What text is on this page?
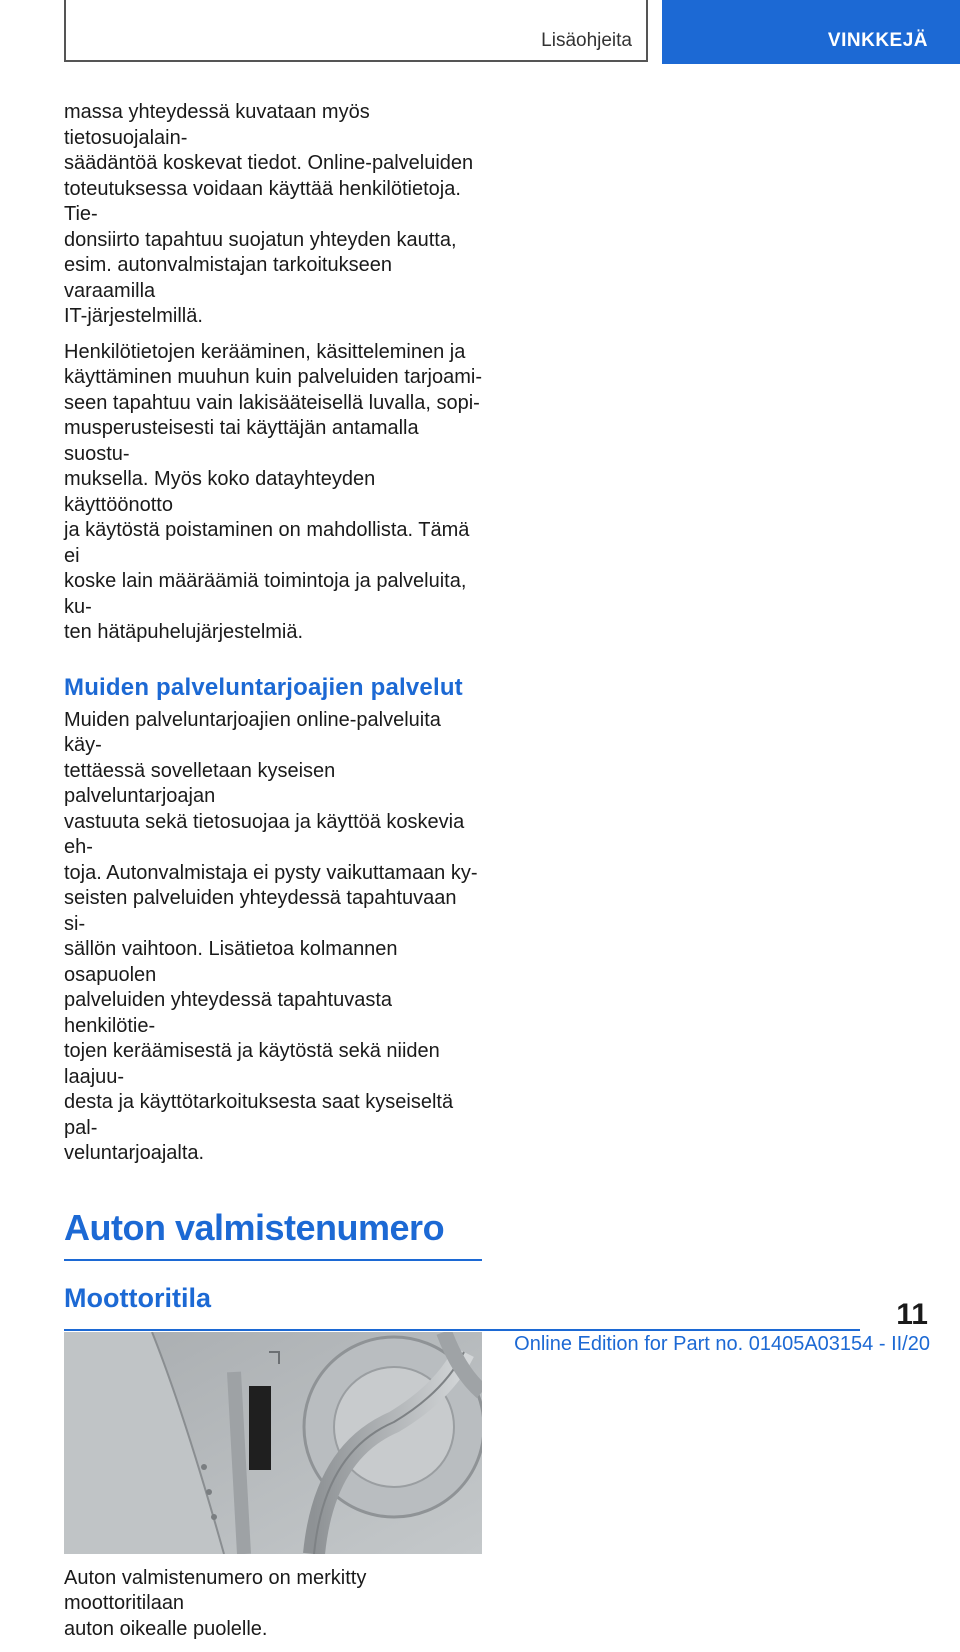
Lisäohjeita	VINKKEJÄ

massa yhteydessä kuvataan myös tietosuojalain-
säädäntöä koskevat tiedot. Online-palveluiden
toteutuksessa voidaan käyttää henkilötietoja. Tie-
donsiirto tapahtuu suojatun yhteyden kautta,
esim. autonvalmistajan tarkoitukseen varaamilla
IT-järjestelmillä.

Henkilötietojen kerääminen, käsitteleminen ja
käyttäminen muuhun kuin palveluiden tarjoami-
seen tapahtuu vain lakisääteisellä luvalla, sopi-
musperusteisesti tai käyttäjän antamalla suostu-
muksella. Myös koko datayhteyden käyttöönotto
ja käytöstä poistaminen on mahdollista. Tämä ei
koske lain määräämiä toimintoja ja palveluita, ku-
ten hätäpuhelujärjestelmiä.

Muiden palveluntarjoajien palvelut

Muiden palveluntarjoajien online-palveluita käy-
tettäessä sovelletaan kyseisen palveluntarjoajan
vastuuta sekä tietosuojaa ja käyttöä koskevia eh-
toja. Autonvalmistaja ei pysty vaikuttamaan ky-
seisten palveluiden yhteydessä tapahtuvaan si-
sällön vaihtoon. Lisätietoa kolmannen osapuolen
palveluiden yhteydessä tapahtuvasta henkilötie-
tojen keräämisestä ja käytöstä sekä niiden laajuu-
desta ja käyttötarkoituksesta saat kyseiseltä pal-
veluntarjoajalta.

Auton valmistenumero
Moottoritila

Auton valmistenumero on merkitty moottoritilaan
auton oikealle puolelle.

11
Online Edition for Part no. 01405A03154 - II/20
